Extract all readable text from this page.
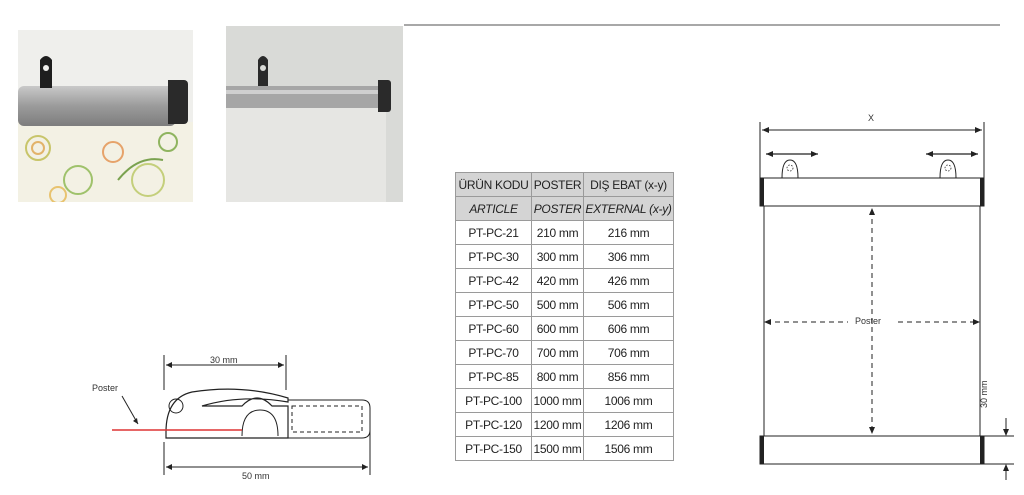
ÜRÜN KODU	POSTER	DIŞ EBAT (x-y)
ARTICLE	POSTER	EXTERNAL (x-y)
PT-PC-21	210 mm	216 mm
PT-PC-30	300 mm	306 mm
PT-PC-42	420 mm	426 mm
PT-PC-50	500 mm	506 mm
PT-PC-60	600 mm	606 mm
PT-PC-70	700 mm	706 mm
PT-PC-85	800 mm	856 mm
PT-PC-100	1000 mm	1006 mm
PT-PC-120	1200 mm	1206 mm
PT-PC-150	1500 mm	1506 mm
30 mm
50 mm
Poster
X
Poster
30 mm
